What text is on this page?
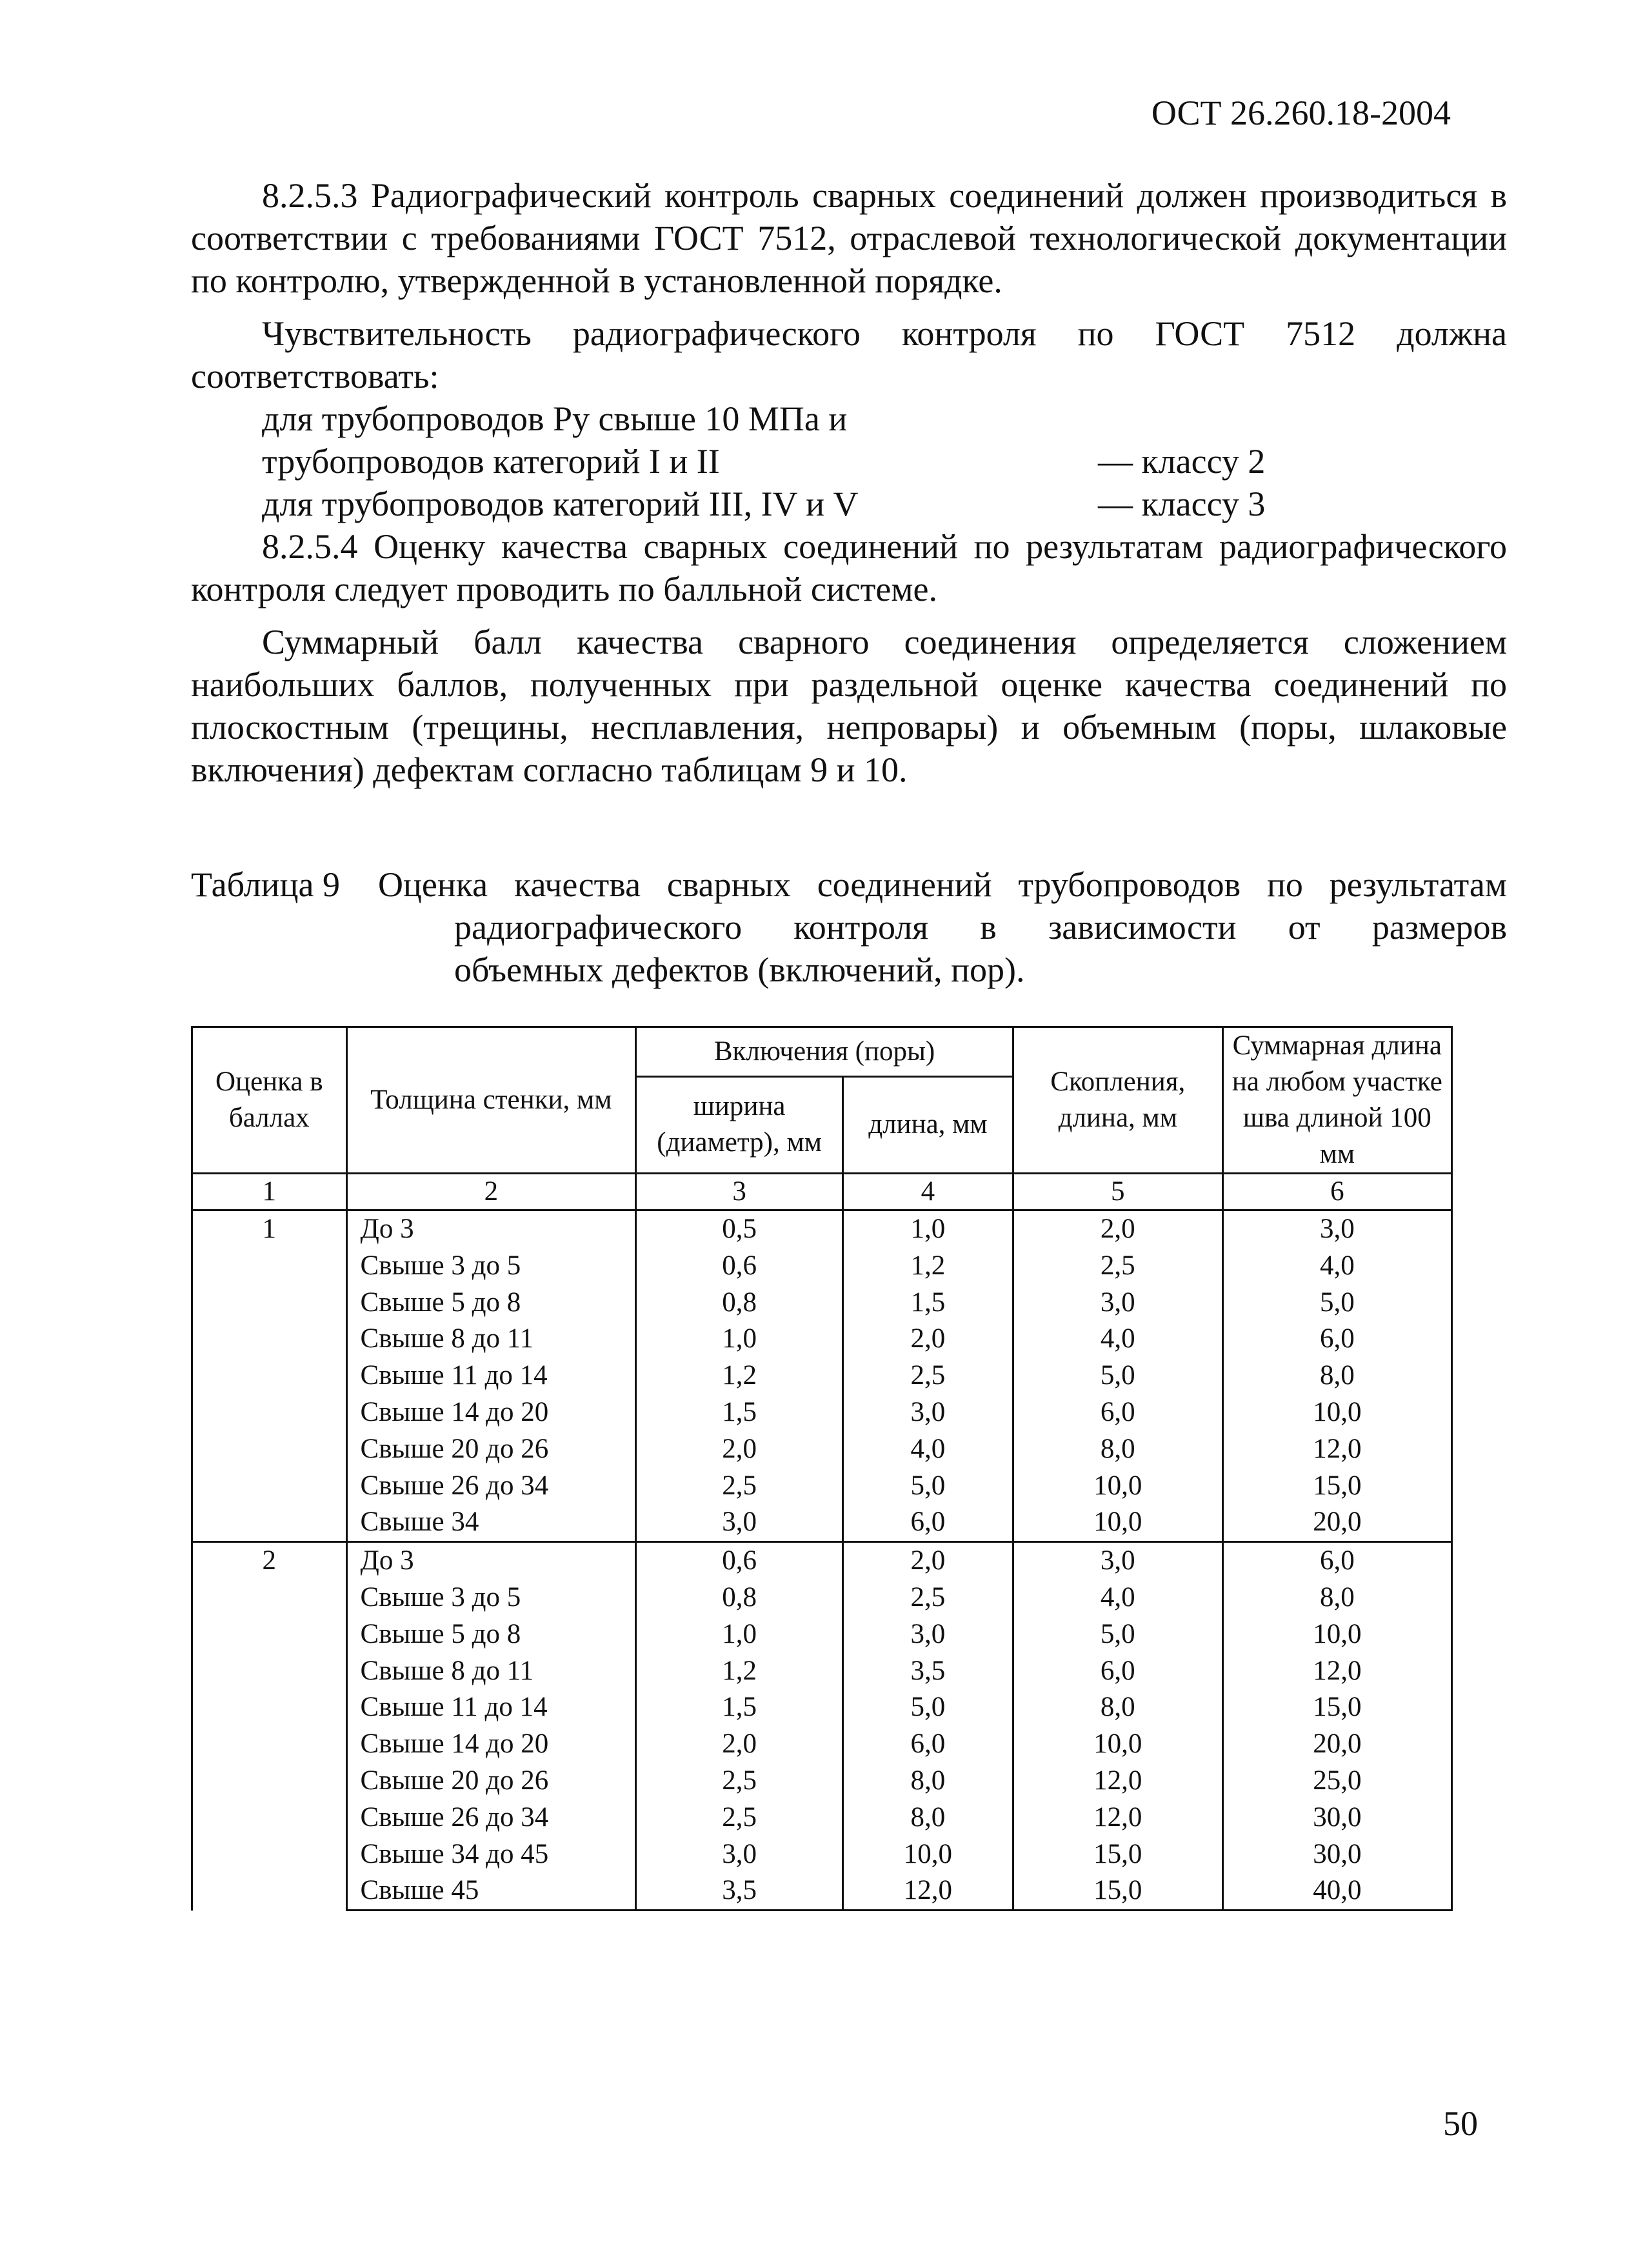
ОСТ 26.260.18-2004

8.2.5.3 Радиографический контроль сварных соединений должен производиться в соответствии с требованиями ГОСТ 7512, отраслевой технологической документации по контролю, утвержденной в установленной порядке.

Чувствительность радиографического контроля по ГОСТ 7512 должна соответствовать:

для трубопроводов Ру свыше 10 МПа и
трубопроводов категорий I и II	— классу 2
для трубопроводов категорий III, IV и V	— классу 3

8.2.5.4 Оценку качества сварных соединений по результатам радиографического контроля следует проводить по балльной системе.

Суммарный балл качества сварного соединения определяется сложением наибольших баллов, полученных при раздельной оценке качества соединений по плоскостным (трещины, несплавления, непровары) и объемным (поры, шлаковые включения) дефектам согласно таблицам 9 и 10.

Таблица 9	Оценка качества сварных соединений трубопроводов по результатам
радиографического контроля в зависимости от размеров
объемных дефектов (включений, пор).
Оценка в баллах	Толщина стенки, мм	Включения (поры)		Скопления, длина, мм	Суммарная длина на любом участке шва длиной 100 мм
		ширина (диаметр), мм	длина, мм		
1	2	3	4	5	6
1	До 3	0,5	1,0	2,0	3,0
	Свыше 3 до 5	0,6	1,2	2,5	4,0
	Свыше 5 до 8	0,8	1,5	3,0	5,0
	Свыше 8 до 11	1,0	2,0	4,0	6,0
	Свыше 11 до 14	1,2	2,5	5,0	8,0
	Свыше 14 до 20	1,5	3,0	6,0	10,0
	Свыше 20 до 26	2,0	4,0	8,0	12,0
	Свыше 26 до 34	2,5	5,0	10,0	15,0
	Свыше 34	3,0	6,0	10,0	20,0
2	До 3	0,6	2,0	3,0	6,0
	Свыше 3 до 5	0,8	2,5	4,0	8,0
	Свыше 5 до 8	1,0	3,0	5,0	10,0
	Свыше 8 до 11	1,2	3,5	6,0	12,0
	Свыше 11 до 14	1,5	5,0	8,0	15,0
	Свыше 14 до 20	2,0	6,0	10,0	20,0
	Свыше 20 до 26	2,5	8,0	12,0	25,0
	Свыше 26 до 34	2,5	8,0	12,0	30,0
	Свыше 34 до 45	3,0	10,0	15,0	30,0
	Свыше 45	3,5	12,0	15,0	40,0
50
